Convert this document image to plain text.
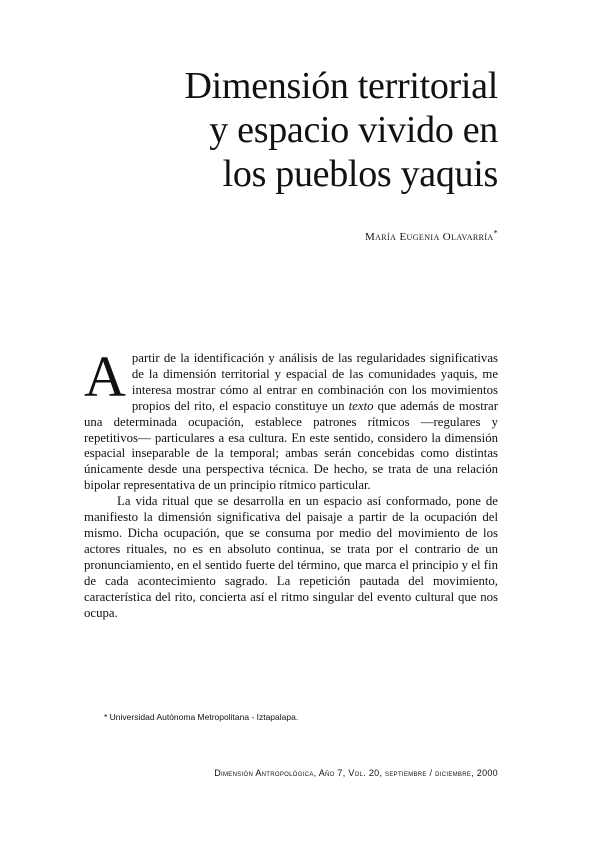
Dimensión territorial
y espacio vivido en
los pueblos yaquis

María Eugenia Olavarría*

Apartir de la identificación y análisis de las regularidades significativas de la dimensión territorial y espacial de las comunidades yaquis, me interesa mostrar cómo al entrar en combinación con los movimientos propios del rito, el espacio constituye un texto que además de mostrar una determinada ocupación, establece patrones rítmicos —regulares y repetitivos— particulares a esa cultura. En este sentido, considero la dimensión espacial inseparable de la temporal; ambas serán concebidas como distintas únicamente desde una perspectiva técnica. De hecho, se trata de una relación bipolar representativa de un principio rítmico particular.

La vida ritual que se desarrolla en un espacio así conformado, pone de manifiesto la dimensión significativa del paisaje a partir de la ocupación del mismo. Dicha ocupación, que se consuma por medio del movimiento de los actores rituales, no es en absoluto continua, se trata por el contrario de un pronunciamiento, en el sentido fuerte del término, que marca el principio y el fin de cada acontecimiento sagrado. La repetición pautada del movimiento, característica del rito, concierta así el ritmo singular del evento cultural que nos ocupa.

* Universidad Autónoma Metropolitana - Iztapalapa.

Dimensión Antropológica, Año 7, Vol. 20, septiembre / diciembre, 2000
